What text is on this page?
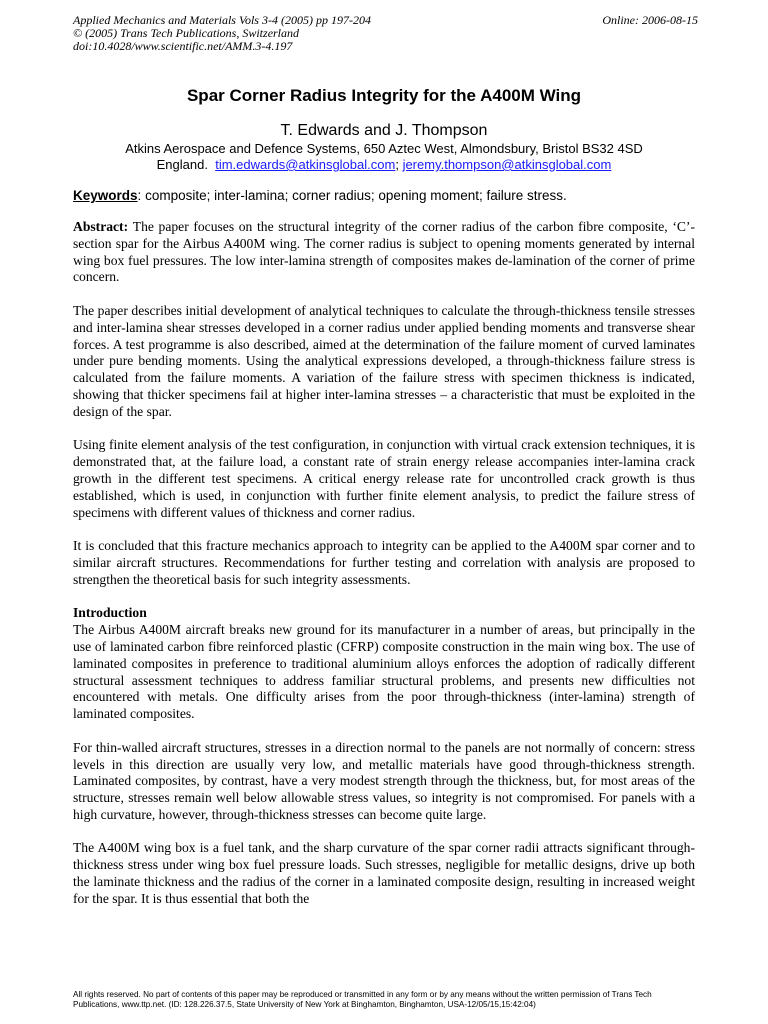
Applied Mechanics and Materials Vols 3-4 (2005) pp 197-204
© (2005) Trans Tech Publications, Switzerland
doi:10.4028/www.scientific.net/AMM.3-4.197
Online: 2006-08-15
Spar Corner Radius Integrity for the A400M Wing
T. Edwards and J. Thompson
Atkins Aerospace and Defence Systems, 650 Aztec West, Almondsbury, Bristol BS32 4SD
England. tim.edwards@atkinsglobal.com; jeremy.thompson@atkinsglobal.com
Keywords: composite; inter-lamina; corner radius; opening moment; failure stress.

Abstract: The paper focuses on the structural integrity of the corner radius of the carbon fibre composite, ‘C’-section spar for the Airbus A400M wing. The corner radius is subject to opening moments generated by internal wing box fuel pressures. The low inter-lamina strength of composites makes de-lamination of the corner of prime concern.

The paper describes initial development of analytical techniques to calculate the through-thickness tensile stresses and inter-lamina shear stresses developed in a corner radius under applied bending moments and transverse shear forces. A test programme is also described, aimed at the determination of the failure moment of curved laminates under pure bending moments. Using the analytical expressions developed, a through-thickness failure stress is calculated from the failure moments. A variation of the failure stress with specimen thickness is indicated, showing that thicker specimens fail at higher inter-lamina stresses – a characteristic that must be exploited in the design of the spar.

Using finite element analysis of the test configuration, in conjunction with virtual crack extension techniques, it is demonstrated that, at the failure load, a constant rate of strain energy release accompanies inter-lamina crack growth in the different test specimens. A critical energy release rate for uncontrolled crack growth is thus established, which is used, in conjunction with further finite element analysis, to predict the failure stress of specimens with different values of thickness and corner radius.

It is concluded that this fracture mechanics approach to integrity can be applied to the A400M spar corner and to similar aircraft structures. Recommendations for further testing and correlation with analysis are proposed to strengthen the theoretical basis for such integrity assessments.

Introduction

The Airbus A400M aircraft breaks new ground for its manufacturer in a number of areas, but principally in the use of laminated carbon fibre reinforced plastic (CFRP) composite construction in the main wing box. The use of laminated composites in preference to traditional aluminium alloys enforces the adoption of radically different structural assessment techniques to address familiar structural problems, and presents new difficulties not encountered with metals. One difficulty arises from the poor through-thickness (inter-lamina) strength of laminated composites.

For thin-walled aircraft structures, stresses in a direction normal to the panels are not normally of concern: stress levels in this direction are usually very low, and metallic materials have good through-thickness strength. Laminated composites, by contrast, have a very modest strength through the thickness, but, for most areas of the structure, stresses remain well below allowable stress values, so integrity is not compromised. For panels with a high curvature, however, through-thickness stresses can become quite large.

The A400M wing box is a fuel tank, and the sharp curvature of the spar corner radii attracts significant through-thickness stress under wing box fuel pressure loads. Such stresses, negligible for metallic designs, drive up both the laminate thickness and the radius of the corner in a laminated composite design, resulting in increased weight for the spar. It is thus essential that both the

All rights reserved. No part of contents of this paper may be reproduced or transmitted in any form or by any means without the written permission of Trans Tech Publications, www.ttp.net. (ID: 128.226.37.5, State University of New York at Binghamton, Binghamton, USA-12/05/15,15:42:04)
